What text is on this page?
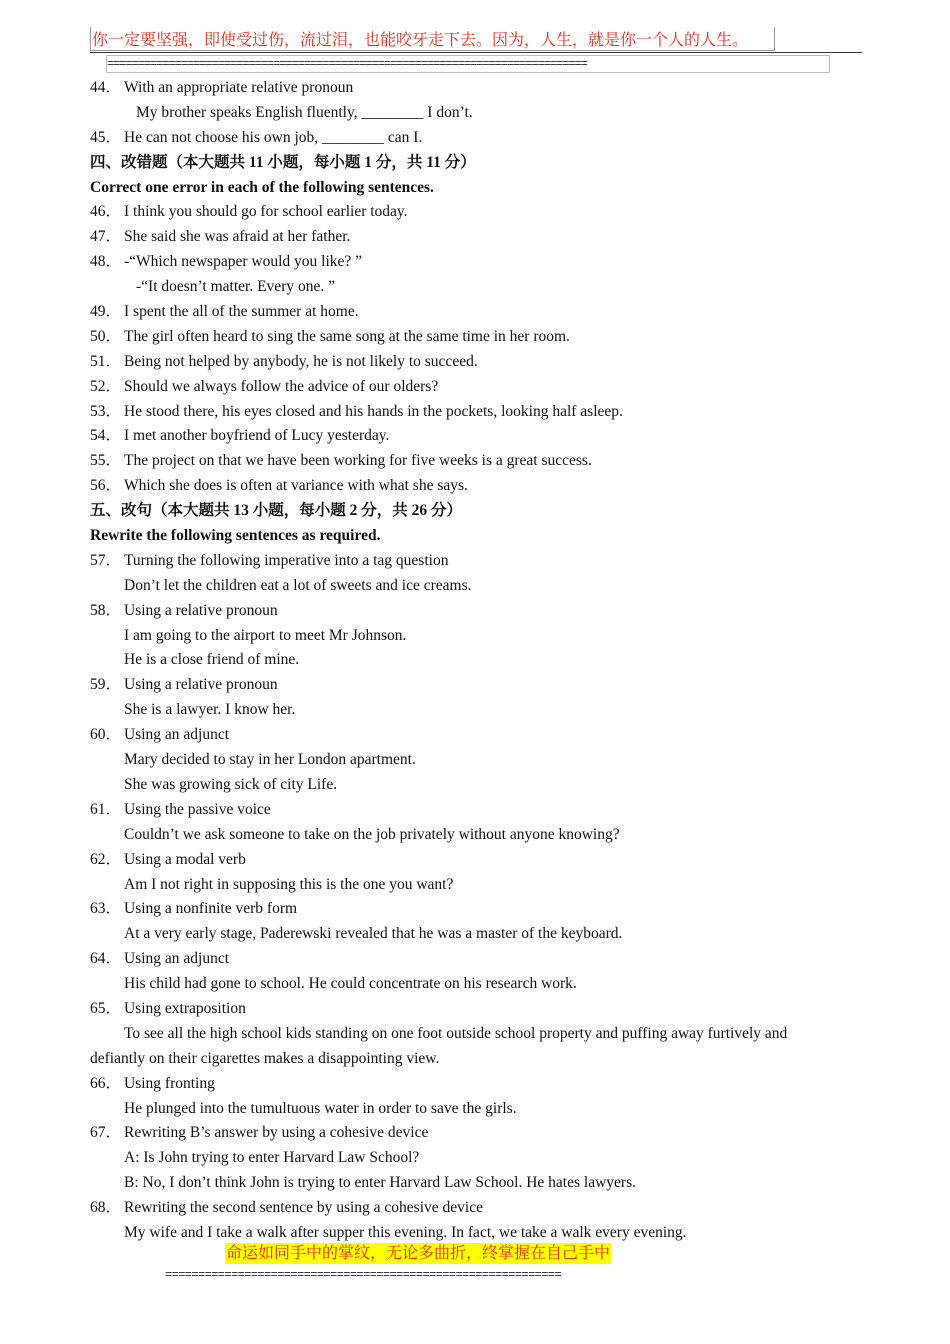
你一定要坚强，即使受过伤，流过泪，也能咬牙走下去。因为，人生，就是你一个人的人生。
==============================================================================
44． With an appropriate relative pronoun
My brother speaks English fluently, ________ I don’t.
45． He can not choose his own job, ________ can I.
四、改错题（本大题共 11 小题，每小题 1 分，共 11 分）
Correct one error in each of the following sentences.
46． I think you should go for school earlier today.
47． She said she was afraid at her father.
48． -“Which newspaper would you like? ”
-“It doesn’t matter. Every one. ”
49． I spent the all of the summer at home.
50． The girl often heard to sing the same song at the same time in her room.
51． Being not helped by anybody, he is not likely to succeed.
52． Should we always follow the advice of our olders?
53． He stood there, his eyes closed and his hands in the pockets, looking half asleep.
54． I met another boyfriend of Lucy yesterday.
55． The project on that we have been working for five weeks is a great success.
56． Which she does is often at variance with what she says.
五、改句（本大题共 13 小题，每小题 2 分，共 26 分）
Rewrite the following sentences as required.
57． Turning the following imperative into a tag question
Don’t let the children eat a lot of sweets and ice creams.
58． Using a relative pronoun
I am going to the airport to meet Mr Johnson.
He is a close friend of mine.
59． Using a relative pronoun
She is a lawyer. I know her.
60． Using an adjunct
Mary decided to stay in her London apartment.
She was growing sick of city Life.
61． Using the passive voice
Couldn’t we ask someone to take on the job privately without anyone knowing?
62． Using a modal verb
Am I not right in supposing this is the one you want?
63． Using a nonfinite verb form
At a very early stage, Paderewski revealed that he was a master of the keyboard.
64． Using an adjunct
His child had gone to school. He could concentrate on his research work.
65． Using extraposition
To see all the high school kids standing on one foot outside school property and puffing away furtively and
defiantly on their cigarettes makes a disappointing view.
66． Using fronting
He plunged into the tumultuous water in order to save the girls.
67． Rewriting B’s answer by using a cohesive device
A: Is John trying to enter Harvard Law School?
B: No, I don’t think John is trying to enter Harvard Law School. He hates lawyers.
68． Rewriting the second sentence by using a cohesive device
My wife and I take a walk after supper this evening. In fact, we take a walk every evening.
命运如同手中的掌纹，无论多曲折，终掌握在自己手中
============================================================
